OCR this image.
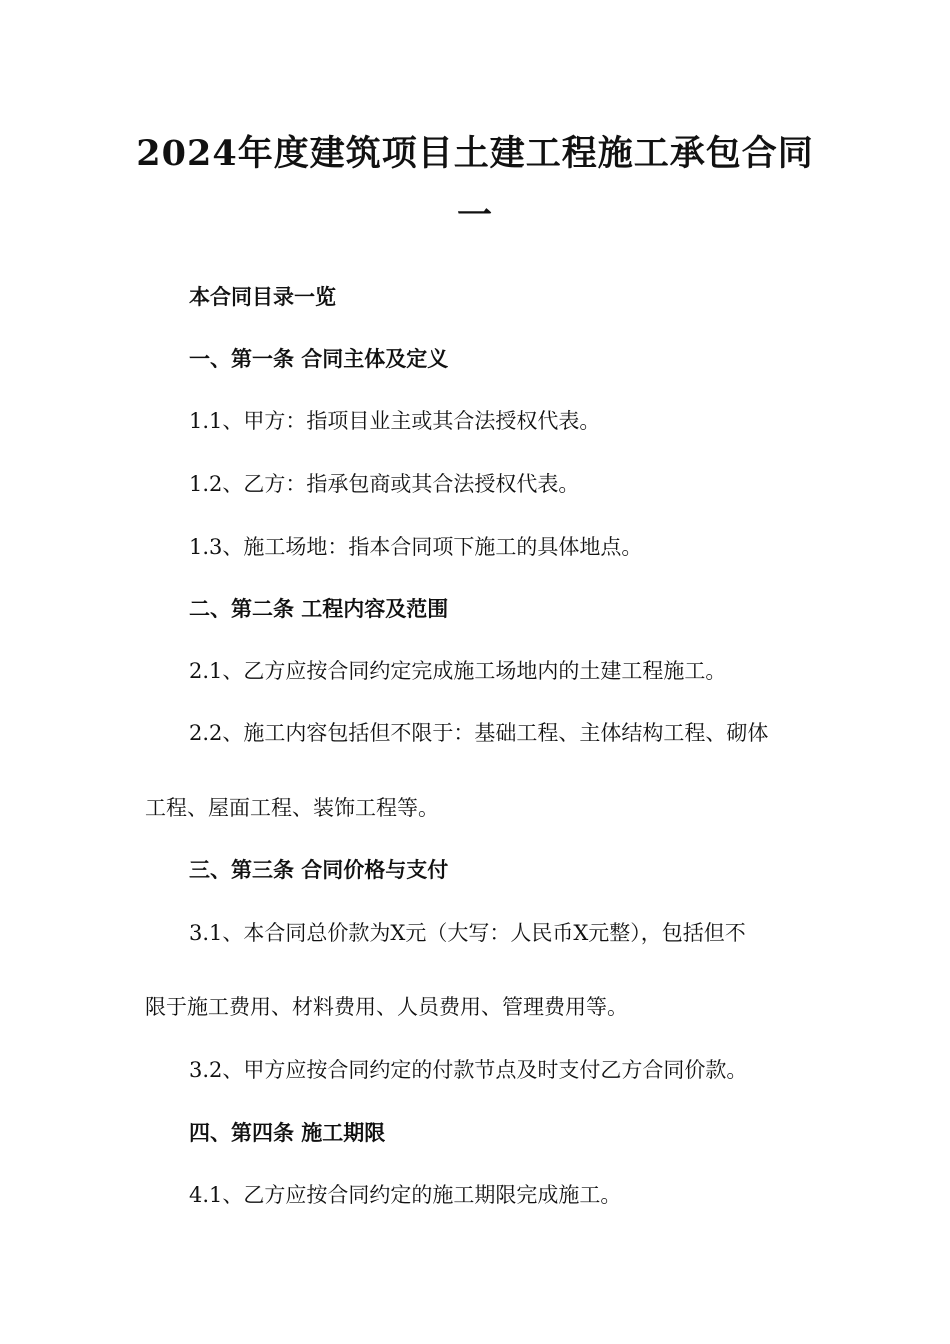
2024年度建筑项目土建工程施工承包合同
一
本合同目录一览
一、第一条 合同主体及定义
1.1、甲方：指项目业主或其合法授权代表。
1.2、乙方：指承包商或其合法授权代表。
1.3、施工场地：指本合同项下施工的具体地点。
二、第二条 工程内容及范围
2.1、乙方应按合同约定完成施工场地内的土建工程施工。
2.2、施工内容包括但不限于：基础工程、主体结构工程、砌体
工程、屋面工程、装饰工程等。
三、第三条 合同价格与支付
3.1、本合同总价款为X元（大写：人民币X元整），包括但不
限于施工费用、材料费用、人员费用、管理费用等。
3.2、甲方应按合同约定的付款节点及时支付乙方合同价款。
四、第四条 施工期限
4.1、乙方应按合同约定的施工期限完成施工。
